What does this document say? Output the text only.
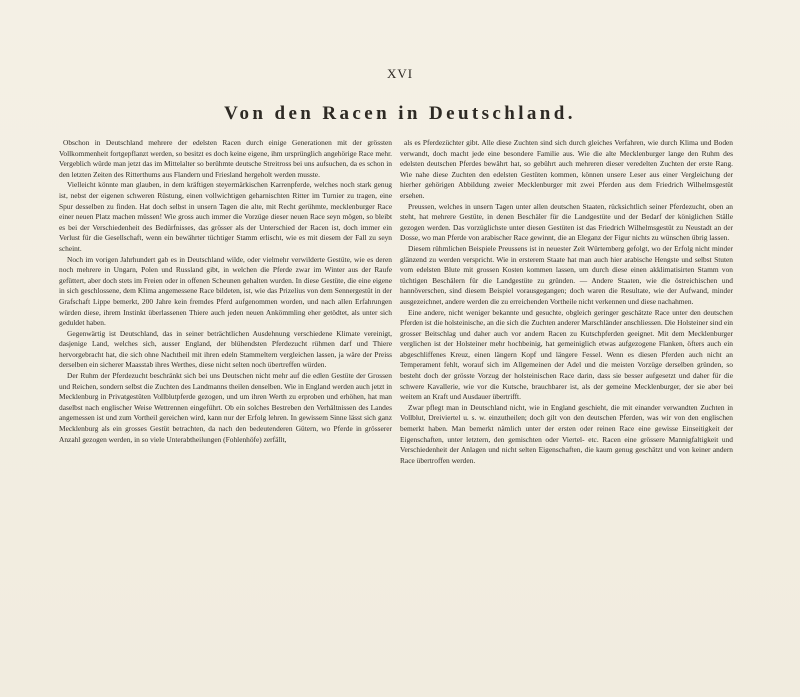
XVI
Von den Racen in Deutschland.

Obschon in Deutschland mehrere der edelsten Racen durch einige Generationen mit der grössten Vollkommenheit fortgepflanzt werden, so besitzt es doch keine eigene, ihm ursprünglich angehörige Race mehr. Vergeblich würde man jetzt das im Mittelalter so berühmte deutsche Streitross bei uns aufsuchen, da es schon in den letzten Zeiten des Ritterthums aus Flandern und Friesland hergeholt werden musste.

Vielleicht könnte man glauben, in dem kräftigen steyermärkischen Karrenpferde, welches noch stark genug ist, nebst der eigenen schweren Rüstung, einen vollwichtigen geharnischten Ritter im Turnier zu tragen, eine Spur desselben zu finden. Hat doch selbst in unsern Tagen die alte, mit Recht gerühmte, mecklenburger Race einer neuen Platz machen müssen! Wie gross auch immer die Vorzüge dieser neuen Race seyn mögen, so bleibt es bei der Verschiedenheit des Bedürfnisses, das grösser als der Unterschied der Racen ist, doch immer ein Verlust für die Gesellschaft, wenn ein bewährter tüchtiger Stamm erlischt, wie es mit diesem der Fall zu seyn scheint.

Noch im vorigen Jahrhundert gab es in Deutschland wilde, oder vielmehr verwilderte Gestüte, wie es deren noch mehrere in Ungarn, Polen und Russland gibt, in welchen die Pferde zwar im Winter aus der Raufe gefüttert, aber doch stets im Freien oder in offenen Scheunen gehalten wurden. In diese Gestüte, die eine eigene in sich geschlossene, dem Klima angemessene Race bildeten, ist, wie das Prizelius von dem Sennergestüt in der Grafschaft Lippe bemerkt, 200 Jahre kein fremdes Pferd aufgenommen worden, und nach allen Erfahrungen würden diese, ihrem Instinkt überlassenen Thiere auch jeden neuen Ankömmling eher getödtet, als unter sich geduldet haben.

Gegenwärtig ist Deutschland, das in seiner beträchtlichen Ausdehnung verschiedene Klimate vereinigt, dasjenige Land, welches sich, ausser England, der blühendsten Pferdezucht rühmen darf und Thiere hervorgebracht hat, die sich ohne Nachtheil mit ihren edeln Stammeltern vergleichen lassen, ja wäre der Preiss derselben ein sicherer Maasstab ihres Werthes, diese nicht selten noch übertreffen würden.

Der Ruhm der Pferdezucht beschränkt sich bei uns Deutschen nicht mehr auf die edlen Gestüte der Grossen und Reichen, sondern selbst die Zuchten des Landmanns theilen denselben. Wie in England werden auch jetzt in Mecklenburg in Privatgestüten Vollblutpferde gezogen, und um ihren Werth zu erproben und erhöhen, hat man daselbst nach englischer Weise Wettrennen eingeführt. Ob ein solches Bestreben den Verhältnissen des Landes angemessen ist und zum Vortheil gereichen wird, kann nur der Erfolg lehren. In gewissem Sinne lässt sich ganz Mecklenburg als ein grosses Gestüt betrachten, da nach den bedeutenderen Gütern, wo Pferde in grösserer Anzahl gezogen werden, in so viele Unterabtheilungen (Fohlenhöfe) zerfällt,

als es Pferdezüchter gibt. Alle diese Zuchten sind sich durch gleiches Verfahren, wie durch Klima und Boden verwandt, doch macht jede eine besondere Familie aus. Wie die alte Mecklenburger lange den Ruhm des edelsten deutschen Pferdes bewährt hat, so gebührt auch mehreren dieser veredelten Zuchten der erste Rang. Wie nahe diese Zuchten den edelsten Gestüten kommen, können unsere Leser aus einer Vergleichung der hierher gehörigen Abbildung zweier Mecklenburger mit zwei Pferden aus dem Friedrich Wilhelmsgestüt ersehen.

Preussen, welches in unsern Tagen unter allen deutschen Staaten, rücksichtlich seiner Pferdezucht, oben an steht, hat mehrere Gestüte, in denen Beschäler für die Landgestüte und der Bedarf der königlichen Ställe gezogen werden. Das vorzüglichste unter diesen Gestüten ist das Friedrich Wilhelmsgestüt zu Neustadt an der Dosse, wo man Pferde von arabischer Race gewinnt, die an Eleganz der Figur nichts zu wünschen übrig lassen.

Diesem rühmlichen Beispiele Preussens ist in neuester Zeit Würtemberg gefolgt, wo der Erfolg nicht minder glänzend zu werden verspricht. Wie in ersterem Staate hat man auch hier arabische Hengste und selbst Stuten vom edelsten Blute mit grossen Kosten kommen lassen, um durch diese einen akklimatisirten Stamm von tüchtigen Beschälern für die Landgestüte zu gründen. — Andere Staaten, wie die östreichischen und hannöverschen, sind diesem Beispiel vorausgegangen; doch waren die Resultate, wie der Aufwand, minder ausgezeichnet, andere werden die zu erreichenden Vortheile nicht verkennen und diese nachahmen.

Eine andere, nicht weniger bekannte und gesuchte, obgleich geringer geschätzte Race unter den deutschen Pferden ist die holsteinische, an die sich die Zuchten anderer Marschländer anschliessen. Die Holsteiner sind ein grosser Beitschlag und daher auch vor andern Racen zu Kutschpferden geeignet. Mit dem Mecklenburger verglichen ist der Holsteiner mehr hochbeinig, hat gemeiniglich etwas aufgezogene Flanken, öfters auch ein abgeschliffenes Kreuz, einen längern Kopf und längere Fessel. Wenn es diesen Pferden auch nicht an Temperament fehlt, worauf sich im Allgemeinen der Adel und die meisten Vorzüge derselben gründen, so besteht doch der grösste Vorzug der holsteinischen Race darin, dass sie besser aufgesetzt und daher für die schwere Kavallerie, wie vor die Kutsche, brauchbarer ist, als der gemeine Mecklenburger, der sie aber bei weitem an Kraft und Ausdauer übertrifft.

Zwar pflegt man in Deutschland nicht, wie in England geschieht, die mit einander verwandten Zuchten in Vollblut, Dreiviertel u. s. w. einzutheilen; doch gilt von den deutschen Pferden, was wir von den englischen bemerkt haben. Man bemerkt nämlich unter der ersten oder reinen Race eine gewisse Einseitigkeit der Eigenschaften, unter letztern, den gemischten oder Viertel- etc. Racen eine grössere Mannigfaltigkeit und Verschiedenheit der Anlagen und nicht selten Eigenschaften, die kaum genug geschätzt und von keiner andern Race übertroffen werden.
